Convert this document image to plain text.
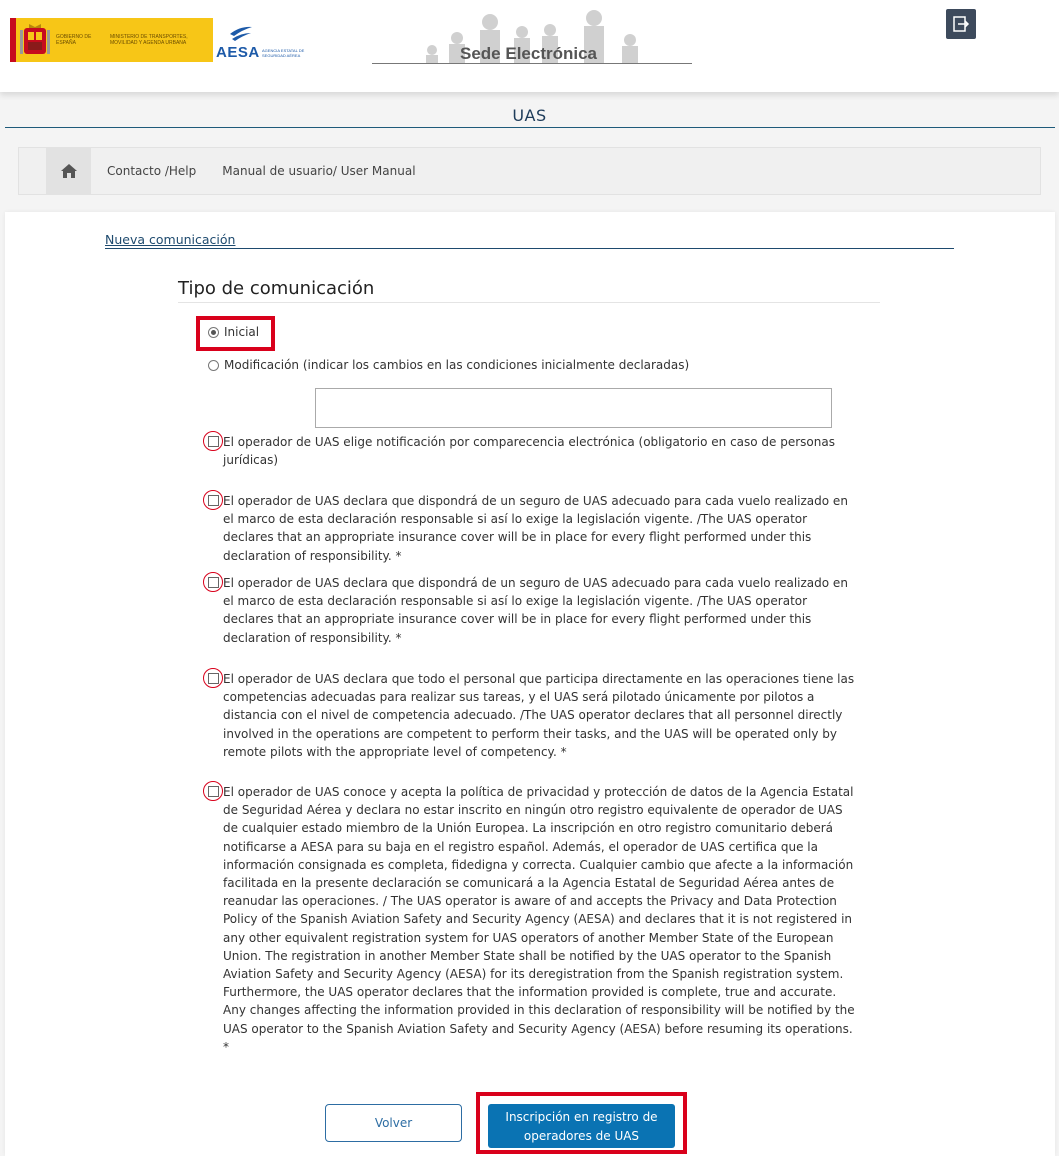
GOBIERNO DE ESPAÑA
MINISTERIO DE TRANSPORTES, MOVILIDAD Y AGENDA URBANA
AESA AGENCIA ESTATAL DE SEGURIDAD AÉREA	Sede Electrónica
UAS
Contacto /Help Manual de usuario/ User Manual
Nueva comunicación
Tipo de comunicación
Inicial
Modificación (indicar los cambios en las condiciones inicialmente declaradas)
El operador de UAS elige notificación por comparecencia electrónica (obligatorio en caso de personas jurídicas)
El operador de UAS declara que dispondrá de un seguro de UAS adecuado para cada vuelo realizado en el marco de esta declaración responsable si así lo exige la legislación vigente. /The UAS operator declares that an appropriate insurance cover will be in place for every flight performed under this declaration of responsibility. *
El operador de UAS declara que dispondrá de un seguro de UAS adecuado para cada vuelo realizado en el marco de esta declaración responsable si así lo exige la legislación vigente. /The UAS operator declares that an appropriate insurance cover will be in place for every flight performed under this declaration of responsibility. *
El operador de UAS declara que todo el personal que participa directamente en las operaciones tiene las competencias adecuadas para realizar sus tareas, y el UAS será pilotado únicamente por pilotos a distancia con el nivel de competencia adecuado. /The UAS operator declares that all personnel directly involved in the operations are competent to perform their tasks, and the UAS will be operated only by remote pilots with the appropriate level of competency. *
El operador de UAS conoce y acepta la política de privacidad y protección de datos de la Agencia Estatal de Seguridad Aérea y declara no estar inscrito en ningún otro registro equivalente de operador de UAS de cualquier estado miembro de la Unión Europea. La inscripción en otro registro comunitario deberá notificarse a AESA para su baja en el registro español. Además, el operador de UAS certifica que la información consignada es completa, fidedigna y correcta. Cualquier cambio que afecte a la información facilitada en la presente declaración se comunicará a la Agencia Estatal de Seguridad Aérea antes de reanudar las operaciones. / The UAS operator is aware of and accepts the Privacy and Data Protection Policy of the Spanish Aviation Safety and Security Agency (AESA) and declares that it is not registered in any other equivalent registration system for UAS operators of another Member State of the European Union. The registration in another Member State shall be notified by the UAS operator to the Spanish Aviation Safety and Security Agency (AESA) for its deregistration from the Spanish registration system. Furthermore, the UAS operator declares that the information provided is complete, true and accurate. Any changes affecting the information provided in this declaration of responsibility will be notified by the UAS operator to the Spanish Aviation Safety and Security Agency (AESA) before resuming its operations. *
Volver	Inscripción en registro de operadores de UAS
